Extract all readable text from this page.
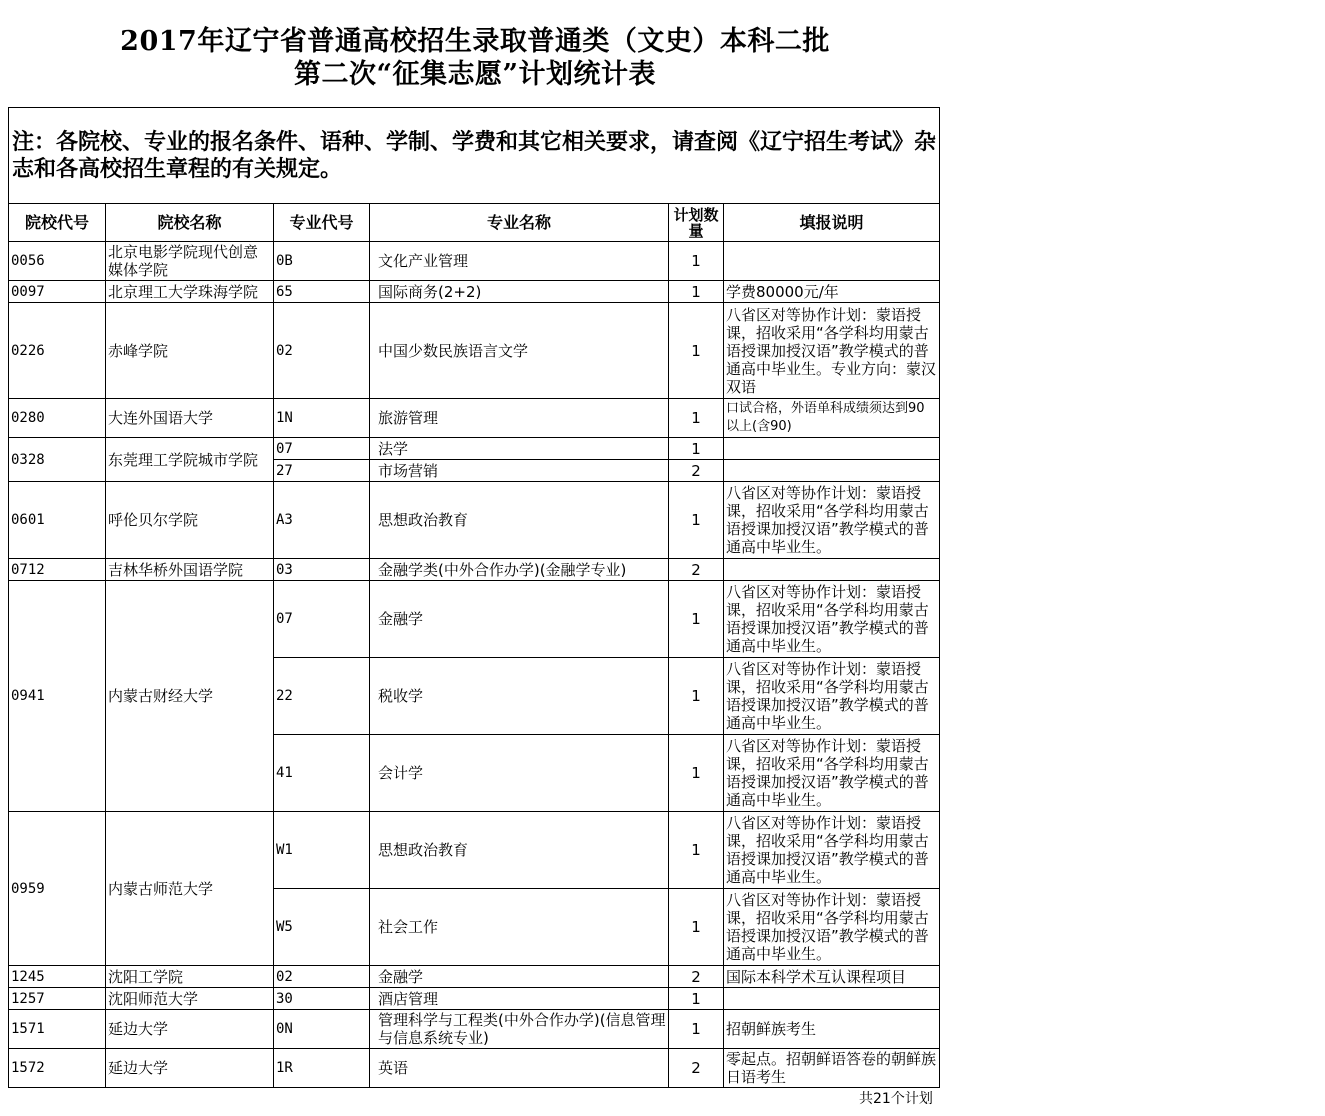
2017年辽宁省普通高校招生录取普通类（文史）本科二批
第二次“征集志愿”计划统计表
注：各院校、专业的报名条件、语种、学制、学费和其它相关要求，请查阅《辽宁招生考试》杂志和各高校招生章程的有关规定。					
院校代号	院校名称	专业代号	专业名称	计划数量	填报说明
0056	北京电影学院现代创意媒体学院	0B	文化产业管理	1	
0097	北京理工大学珠海学院	65	国际商务(2+2)	1	学费80000元/年
0226	赤峰学院	02	中国少数民族语言文学	1	八省区对等协作计划：蒙语授课，招收采用“各学科均用蒙古语授课加授汉语”教学模式的普通高中毕业生。专业方向：蒙汉双语
0280	大连外国语大学	1N	旅游管理	1	口试合格，外语单科成绩须达到90以上(含90)
0328	东莞理工学院城市学院	07	法学	1	
		27	市场营销	2	
0601	呼伦贝尔学院	A3	思想政治教育	1	八省区对等协作计划：蒙语授课，招收采用“各学科均用蒙古语授课加授汉语”教学模式的普通高中毕业生。
0712	吉林华桥外国语学院	03	金融学类(中外合作办学)(金融学专业)	2	
0941	内蒙古财经大学	07	金融学	1	八省区对等协作计划：蒙语授课，招收采用“各学科均用蒙古语授课加授汉语”教学模式的普通高中毕业生。
		22	税收学	1	八省区对等协作计划：蒙语授课，招收采用“各学科均用蒙古语授课加授汉语”教学模式的普通高中毕业生。
		41	会计学	1	八省区对等协作计划：蒙语授课，招收采用“各学科均用蒙古语授课加授汉语”教学模式的普通高中毕业生。
0959	内蒙古师范大学	W1	思想政治教育	1	八省区对等协作计划：蒙语授课，招收采用“各学科均用蒙古语授课加授汉语”教学模式的普通高中毕业生。
		W5	社会工作	1	八省区对等协作计划：蒙语授课，招收采用“各学科均用蒙古语授课加授汉语”教学模式的普通高中毕业生。
1245	沈阳工学院	02	金融学	2	国际本科学术互认课程项目
1257	沈阳师范大学	30	酒店管理	1	
1571	延边大学	0N	管理科学与工程类(中外合作办学)(信息管理与信息系统专业)	1	招朝鲜族考生
1572	延边大学	1R	英语	2	零起点。招朝鲜语答卷的朝鲜族日语考生
共21个计划
